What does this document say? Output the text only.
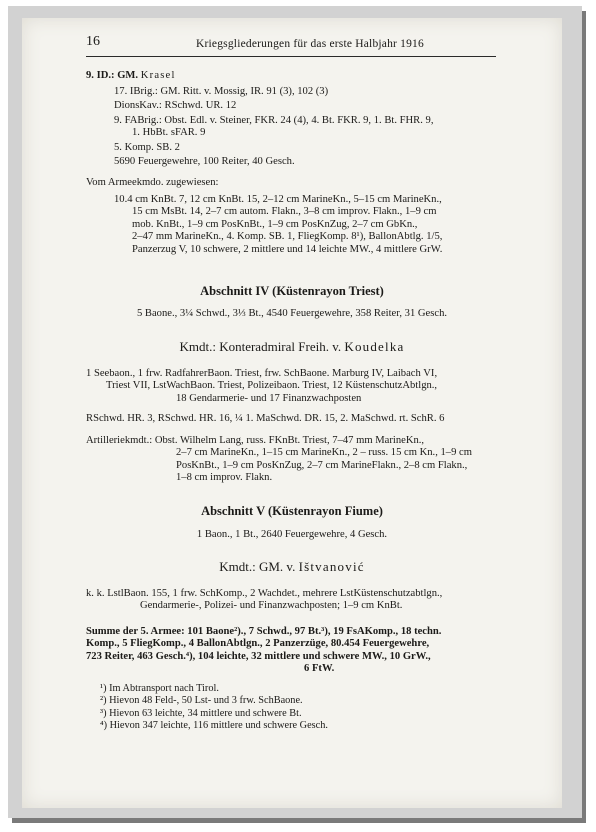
16	Kriegsgliederungen für das erste Halbjahr 1916
9. ID.: GM. Krasel
17. IBrig.: GM. Ritt. v. Mossig, IR. 91 (3), 102 (3)
DionsKav.: RSchwd. UR. 12
9. FABrig.: Obst. Edl. v. Steiner, FKR. 24 (4), 4. Bt. FKR. 9, 1. Bt. FHR. 9,
1. HbBt. sFAR. 9
5. Komp. SB. 2
5690 Feuergewehre, 100 Reiter, 40 Gesch.
Vom Armeekmdo. zugewiesen:
10.4 cm KnBt. 7, 12 cm KnBt. 15, 2–12 cm MarineKn., 5–15 cm MarineKn.,
15 cm MsBt. 14, 2–7 cm autom. Flakn., 3–8 cm improv. Flakn., 1–9 cm
mob. KnBt., 1–9 cm PosKnBt., 1–9 cm PosKnZug, 2–7 cm GbKn.,
2–47 mm MarineKn., 4. Komp. SB. 1, FliegKomp. 8¹), BallonAbtlg. 1/5,
Panzerzug V, 10 schwere, 2 mittlere und 14 leichte MW., 4 mittlere GrW.
Abschnitt IV (Küstenrayon Triest)
5 Baone., 3¼ Schwd., 3⅓ Bt., 4540 Feuergewehre, 358 Reiter, 31 Gesch.
Kmdt.: Konteradmiral Freih. v. Koudelka
1 Seebaon., 1 frw. RadfahrerBaon. Triest, frw. SchBaone. Marburg IV, Laibach VI,
Triest VII, LstWachBaon. Triest, Polizeibaon. Triest, 12 KüstenschutzAbtlgn.,
18 Gendarmerie- und 17 Finanzwachposten
RSchwd. HR. 3, RSchwd. HR. 16, ¼ 1. MaSchwd. DR. 15, 2. MaSchwd. rt. SchR. 6
Artilleriekmdt.: Obst. Wilhelm Lang, russ. FKnBt. Triest, 7–47 mm MarineKn.,
2–7 cm MarineKn., 1–15 cm MarineKn., 2 – russ. 15 cm Kn., 1–9 cm
PosKnBt., 1–9 cm PosKnZug, 2–7 cm MarineFlakn., 2–8 cm Flakn.,
1–8 cm improv. Flakn.
Abschnitt V (Küstenrayon Fiume)
1 Baon., 1 Bt., 2640 Feuergewehre, 4 Gesch.
Kmdt.: GM. v. Ištvanović
k. k. LstlBaon. 155, 1 frw. SchKomp., 2 Wachdet., mehrere LstKüstenschutzabtlgn.,
Gendarmerie-, Polizei- und Finanzwachposten; 1–9 cm KnBt.
Summe der 5. Armee: 101 Baone²)., 7 Schwd., 97 Bt.³), 19 FsAKomp., 18 techn.
Komp., 5 FliegKomp., 4 BallonAbtlgn., 2 Panzerzüge, 80.454 Feuergewehre,
723 Reiter, 463 Gesch.⁴), 104 leichte, 32 mittlere und schwere MW., 10 GrW.,
6 FtW.
¹) Im Abtransport nach Tirol.
²) Hievon 48 Feld-, 50 Lst- und 3 frw. SchBaone.
³) Hievon 63 leichte, 34 mittlere und schwere Bt.
⁴) Hievon 347 leichte, 116 mittlere und schwere Gesch.
